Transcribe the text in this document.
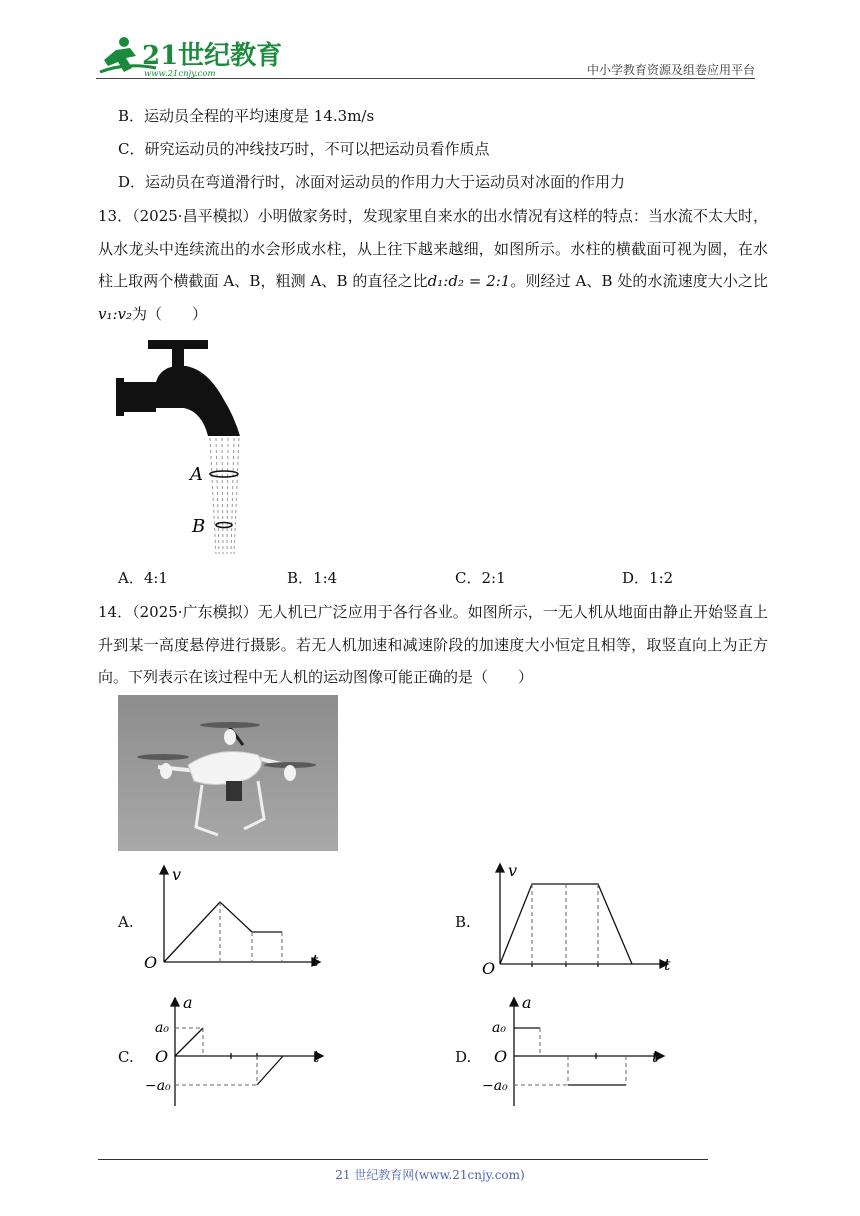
21世纪教育
www.21cnjy.com	中小学教育资源及组卷应用平台
B．运动员全程的平均速度是 14.3m/s
C．研究运动员的冲线技巧时，不可以把运动员看作质点
D．运动员在弯道滑行时，冰面对运动员的作用力大于运动员对冰面的作用力
13．（2025·昌平模拟）小明做家务时，发现家里自来水的出水情况有这样的特点：当水流不太大时，从水龙头中连续流出的水会形成水柱，从上往下越来越细，如图所示。水柱的横截面可视为圆，在水柱上取两个横截面 A、B，粗测 A、B 的直径之比d₁:d₂ = 2:1。则经过 A、B 处的水流速度大小之比v₁:v₂为（　　）
A
B
A．4:1	B．1:4	C．2:1	D．1:2
14．（2025·广东模拟）无人机已广泛应用于各行各业。如图所示，一无人机从地面由静止开始竖直上升到某一高度悬停进行摄影。若无人机加速和减速阶段的加速度大小恒定且相等，取竖直向上为正方向。下列表示在该过程中无人机的运动图像可能正确的是（　　）
A.
v
O	t
B.
v
O	t
C.
a
a₀
O
−a₀
t	D.
a
a₀
O
−a₀
t
21 世纪教育网(www.21cnjy.com)
